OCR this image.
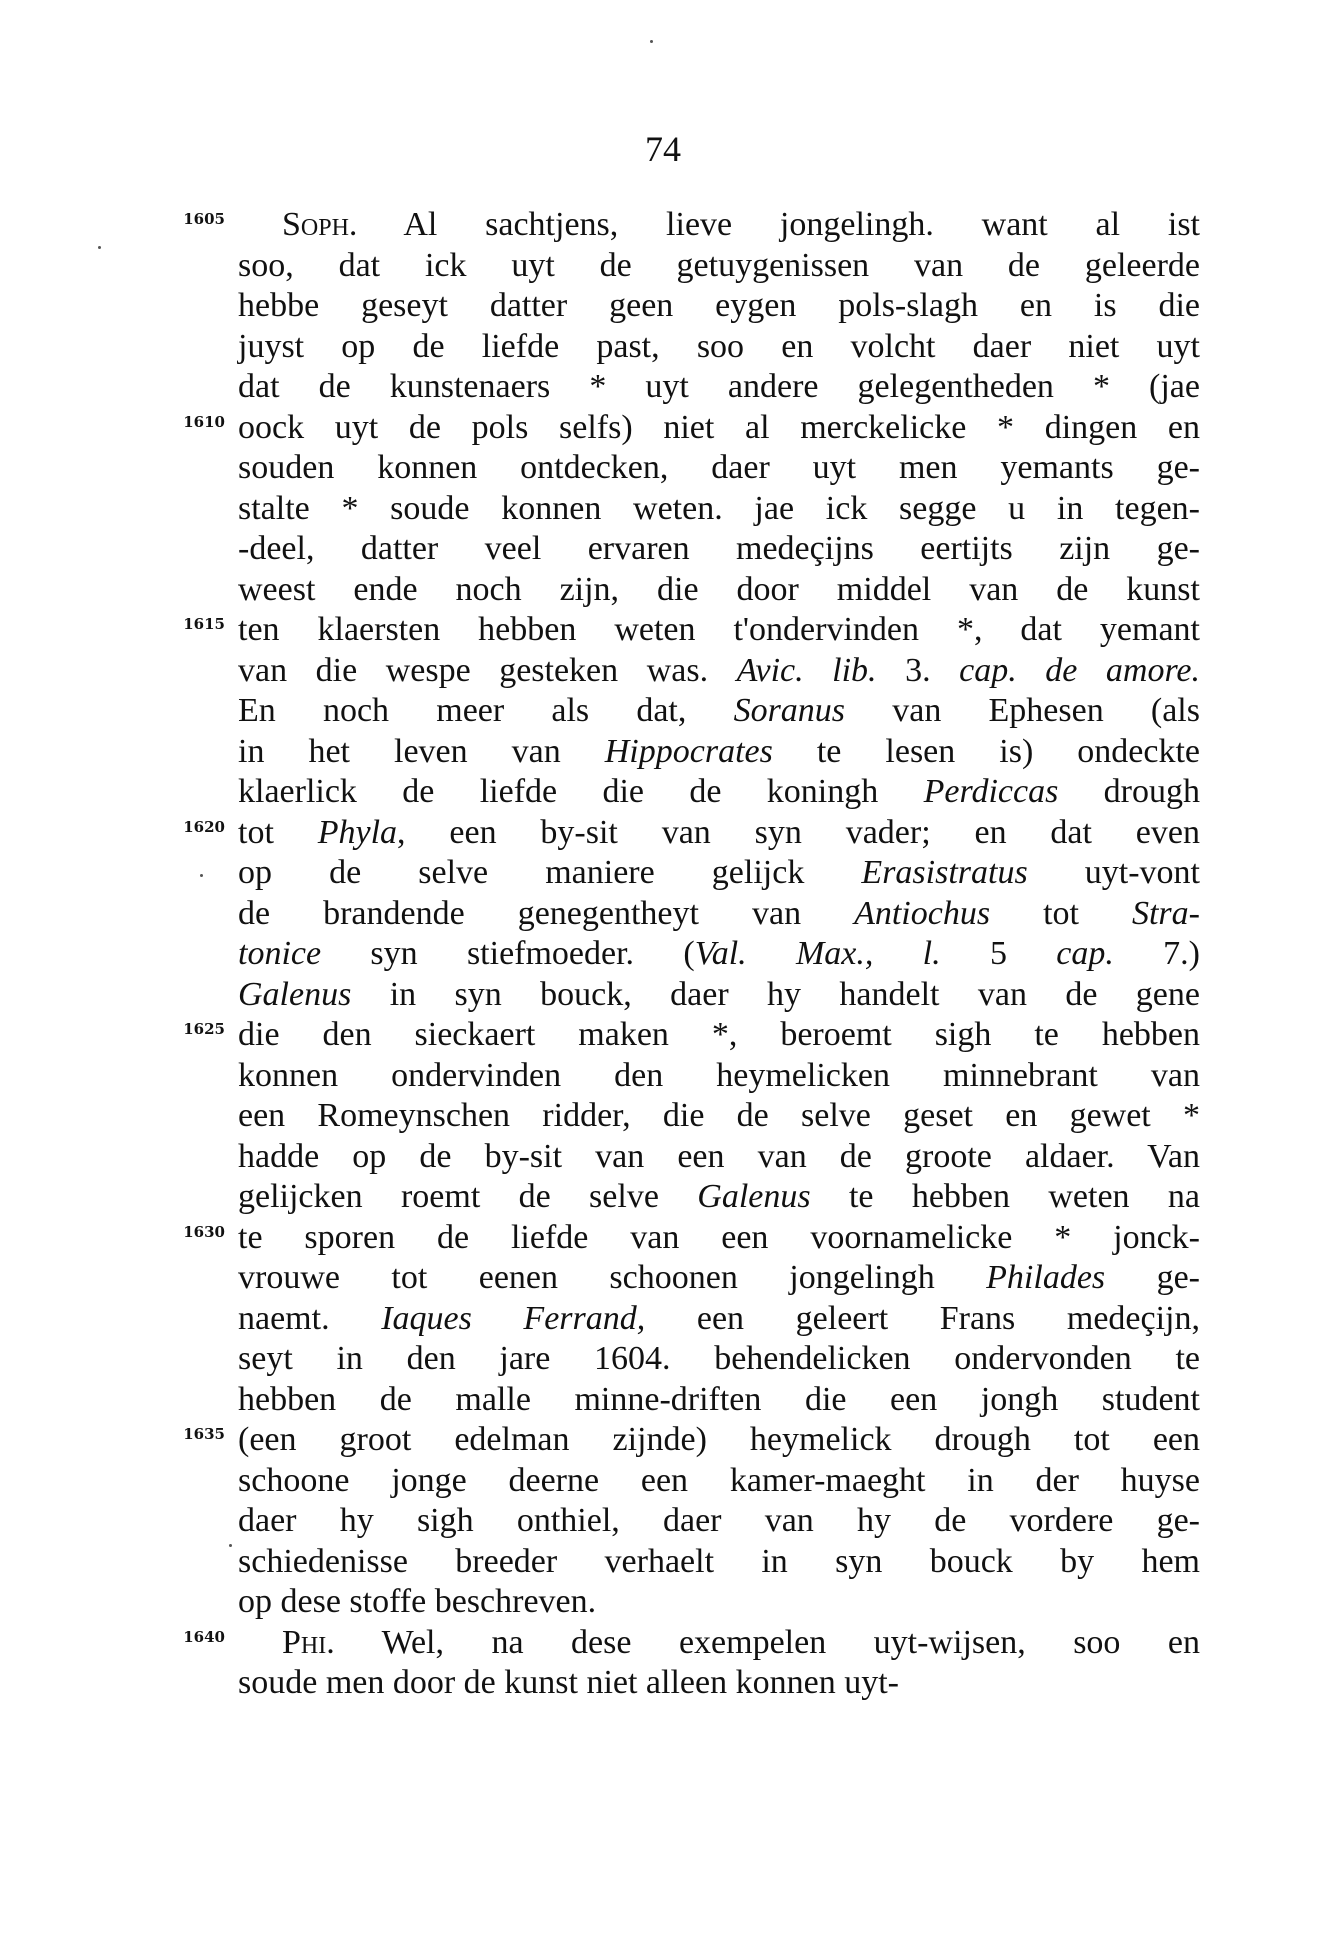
74
Soph. Al sachtjens, lieve jongelingh. want al ist
soo, dat ick uyt de getuygenissen van de geleerde
hebbe geseyt datter geen eygen pols-slagh en is die
juyst op de liefde past, soo en volcht daer niet uyt
dat de kunstenaers * uyt andere gelegentheden * (jae
oock uyt de pols selfs) niet al merckelicke * dingen en
souden konnen ontdecken, daer uyt men yemants ge-
stalte * soude konnen weten. jae ick segge u in tegen-
-deel, datter veel ervaren medeçijns eertijts zijn ge-
weest ende noch zijn, die door middel van de kunst
ten klaersten hebben weten t'ondervinden *, dat yemant
van die wespe gesteken was. Avic. lib. 3. cap. de amore.
En noch meer als dat, Soranus van Ephesen (als
in het leven van Hippocrates te lesen is) ondeckte
klaerlick de liefde die de koningh Perdiccas drough
tot Phyla, een by-sit van syn vader; en dat even
op de selve maniere gelijck Erasistratus uyt-vont
de brandende genegentheyt van Antiochus tot Stra-
tonice syn stiefmoeder. (Val. Max., l. 5 cap. 7.)
Galenus in syn bouck, daer hy handelt van de gene
die den sieckaert maken *, beroemt sigh te hebben
konnen ondervinden den heymelicken minnebrant van
een Romeynschen ridder, die de selve geset en gewet *
hadde op de by-sit van een van de groote aldaer. Van
gelijcken roemt de selve Galenus te hebben weten na
te sporen de liefde van een voornamelicke * jonck-
vrouwe tot eenen schoonen jongelingh Philades ge-
naemt. Iaques Ferrand, een geleert Frans medeçijn,
seyt in den jare 1604. behendelicken ondervonden te
hebben de malle minne-driften die een jongh student
(een groot edelman zijnde) heymelick drough tot een
schoone jonge deerne een kamer-maeght in der huyse
daer hy sigh onthiel, daer van hy de vordere ge-
schiedenisse breeder verhaelt in syn bouck by hem
op dese stoffe beschreven.
Phi. Wel, na dese exempelen uyt-wijsen, soo en
soude men door de kunst niet alleen konnen uyt-
1605
1610
1615
1620
1625
1630
1635
1640
